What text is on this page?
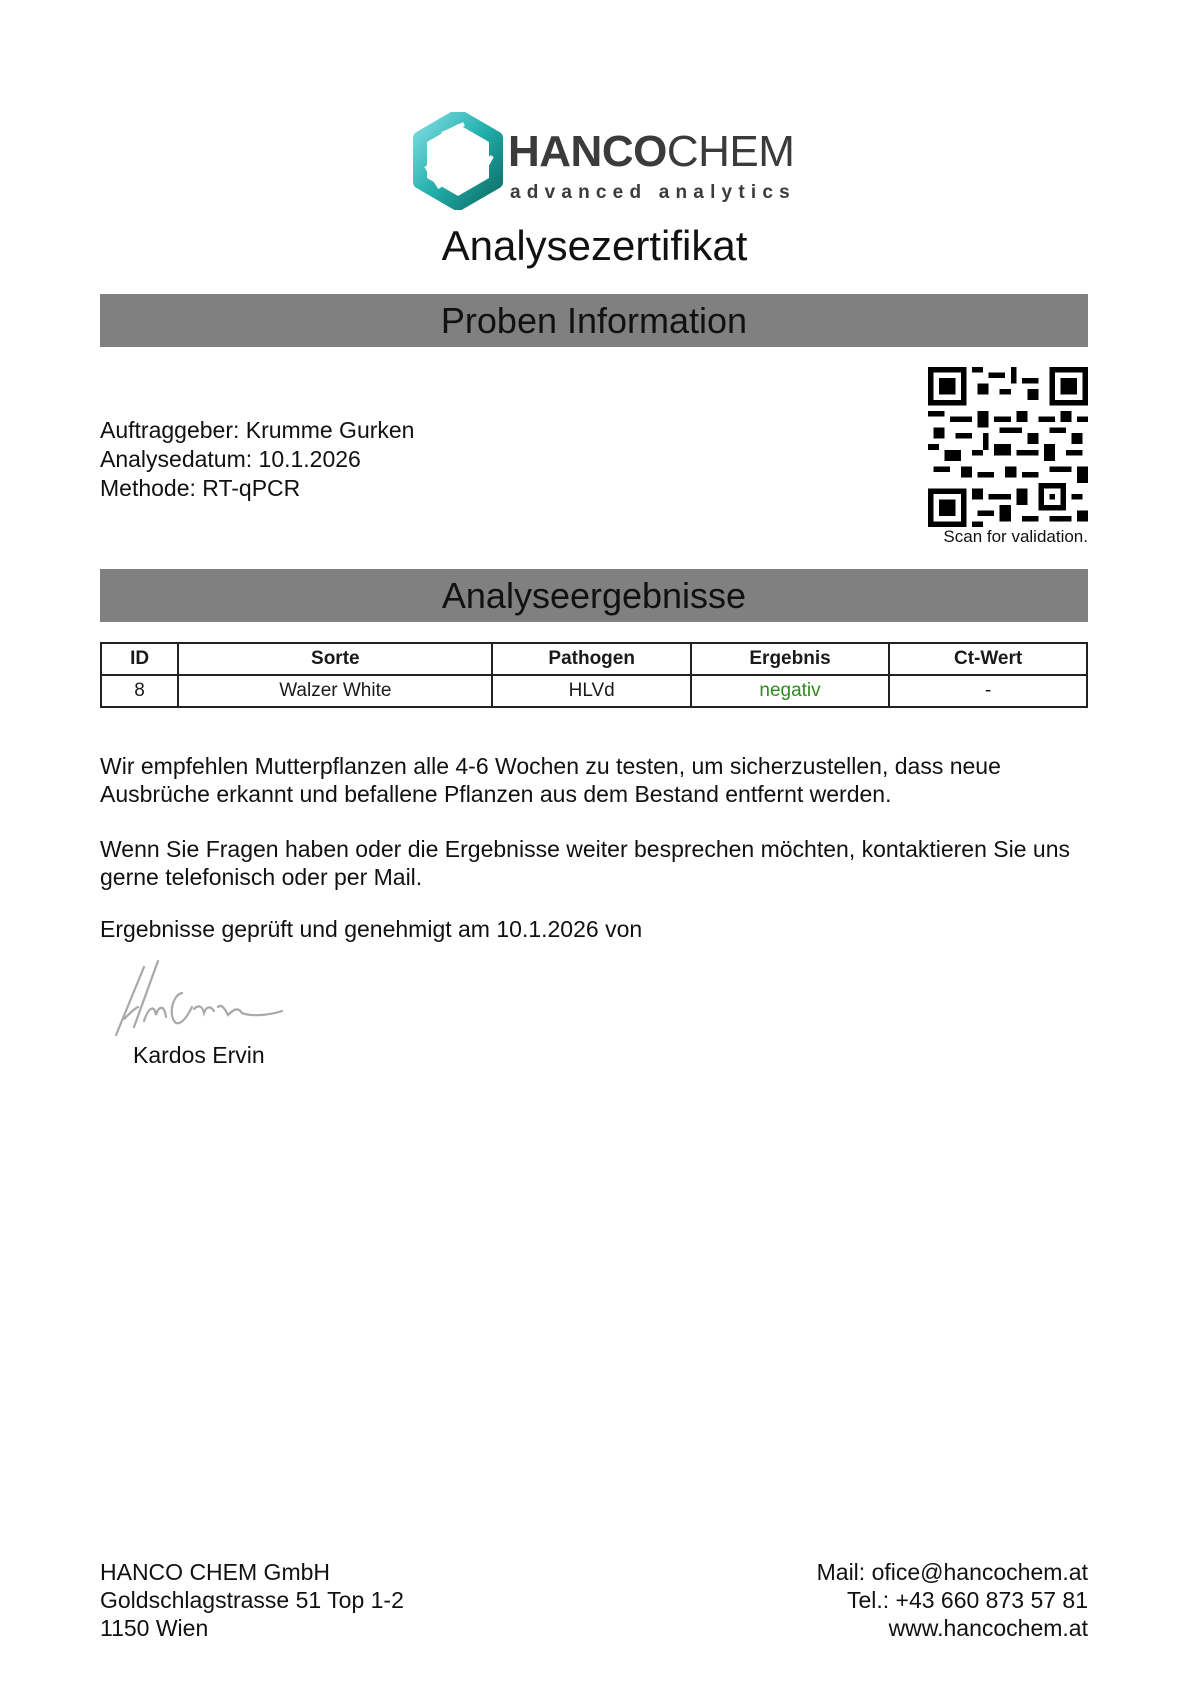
HANCOCHEM
advanced analytics
Analysezertifikat
Proben Information
Auftraggeber: Krumme Gurken
Analysedatum: 10.1.2026
Methode: RT-qPCR
Scan for validation.
Analyseergebnisse
ID	Sorte	Pathogen	Ergebnis	Ct-Wert
8	Walzer White	HLVd	negativ	-
Wir empfehlen Mutterpflanzen alle 4-6 Wochen zu testen, um sicherzustellen, dass neue Ausbrüche erkannt und befallene Pflanzen aus dem Bestand entfernt werden.
Wenn Sie Fragen haben oder die Ergebnisse weiter besprechen möchten, kontaktieren Sie uns gerne telefonisch oder per Mail.
Ergebnisse geprüft und genehmigt am 10.1.2026 von
Kardos Ervin
HANCO CHEM GmbH
Goldschlagstrasse 51 Top 1-2
1150 Wien
Mail: ofice@hancochem.at
Tel.: +43 660 873 57 81
www.hancochem.at
